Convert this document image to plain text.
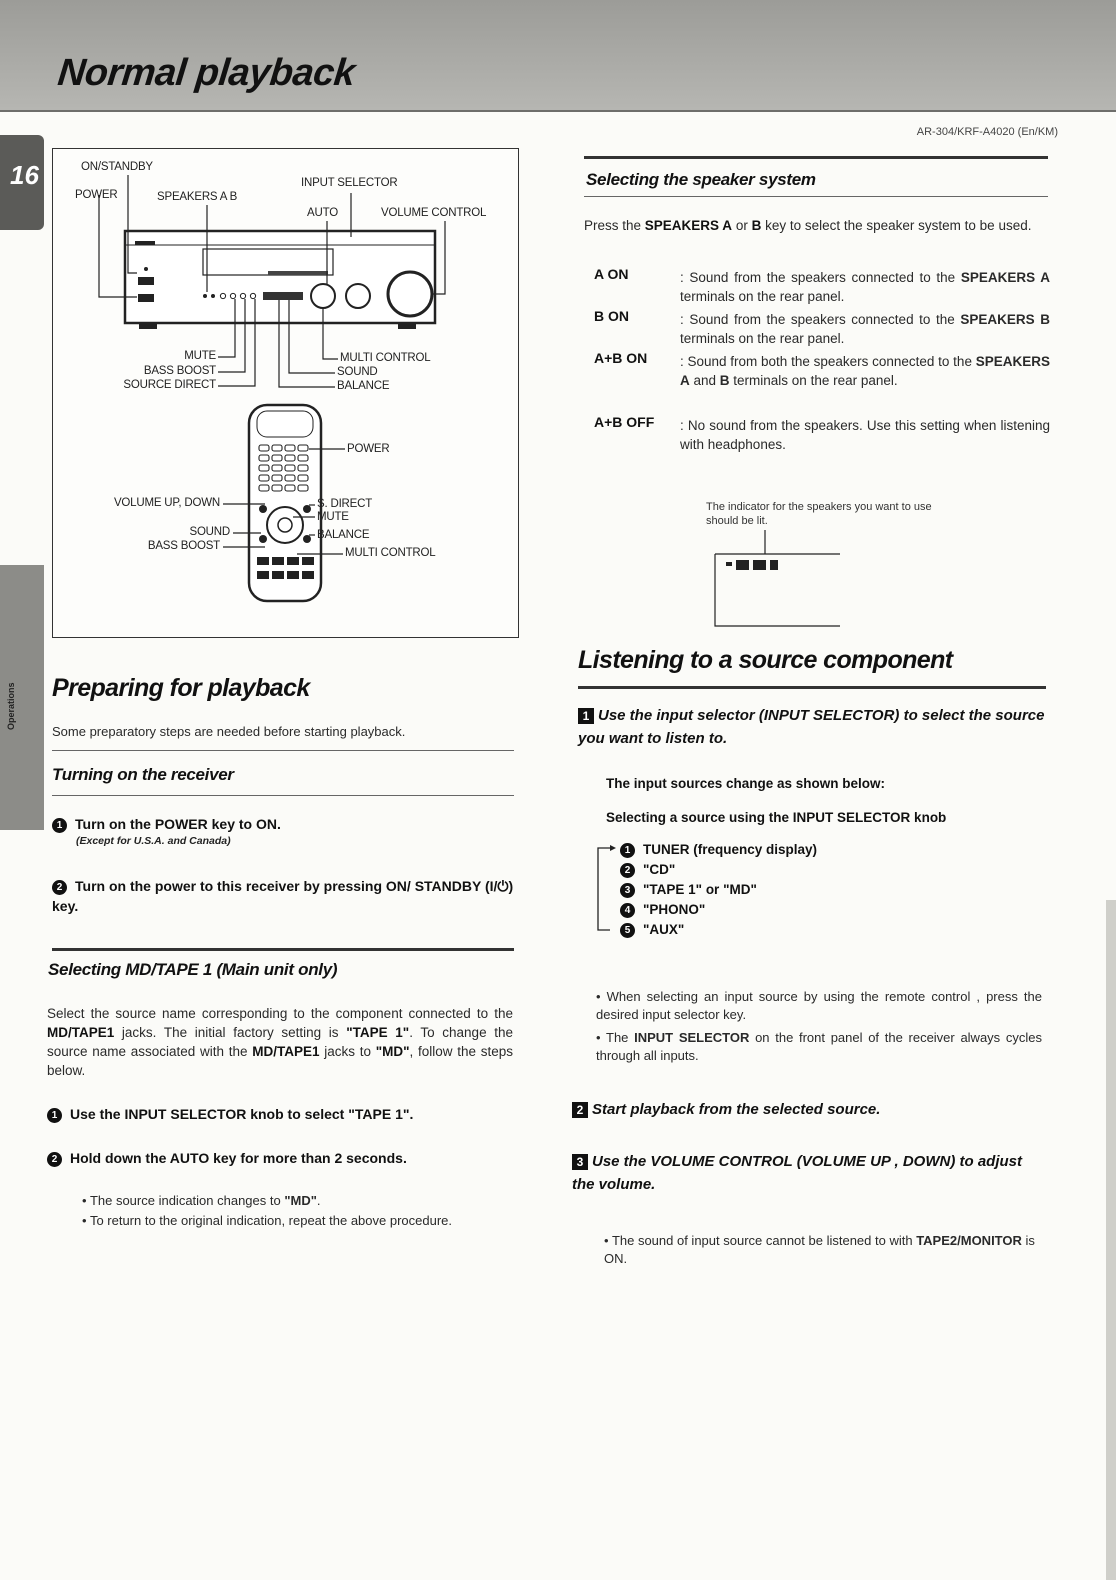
Normal playback
AR-304/KRF-A4020 (En/KM)
16
Operations
ON/STANDBY
POWER	SPEAKERS A B
INPUT SELECTOR
AUTO	VOLUME CONTROL
MUTE
BASS BOOST
SOURCE DIRECT
MULTI CONTROL
SOUND
BALANCE
VOLUME UP, DOWN
SOUND
BASS BOOST
POWER
S. DIRECT
MUTE
BALANCE
MULTI CONTROL
Preparing for playback
Some preparatory steps are needed before starting playback.
Turning on the receiver
1 Turn on the POWER key to ON.
(Except for U.S.A. and Canada)
2 Turn on the power to this receiver by pressing ON/ STANDBY (I/⏻) key.
Selecting MD/TAPE 1 (Main unit only)
Select the source name corresponding to the component connected to the MD/TAPE1 jacks. The initial factory setting is "TAPE 1". To change the source name associated with the MD/TAPE1 jacks to "MD", follow the steps below.
1 Use the INPUT SELECTOR knob to select "TAPE 1".
2 Hold down the AUTO key for more than 2 seconds.
• The source indication changes to "MD".
• To return to the original indication, repeat the above procedure.
Selecting the speaker system
Press the SPEAKERS A or B key to select the speaker system to be used.
A ON	: Sound from the speakers connected to the SPEAKERS A terminals on the rear panel.
B ON	: Sound from the speakers connected to the SPEAKERS B terminals on the rear panel.
A+B ON : Sound from both the speakers connected to the SPEAKERS A and B terminals on the rear panel.
A+B OFF : No sound from the speakers. Use this setting when listening with headphones.
The indicator for the speakers you want to use should be lit.
Listening to a source component
1 Use the input selector (INPUT SELECTOR) to select the source you want to listen to.
The input sources change as shown below:
Selecting a source using the INPUT SELECTOR knob
1 TUNER (frequency display)
2 "CD"
3 "TAPE 1" or "MD"
4 "PHONO"
5 "AUX"
• When selecting an input source by using the remote control , press the desired input selector key.
• The INPUT SELECTOR on the front panel of the receiver always cycles through all inputs.
2 Start playback from the selected source.
3 Use the VOLUME CONTROL (VOLUME UP , DOWN) to adjust the volume.
• The sound of input source cannot be listened to with TAPE2/MONITOR is ON.
